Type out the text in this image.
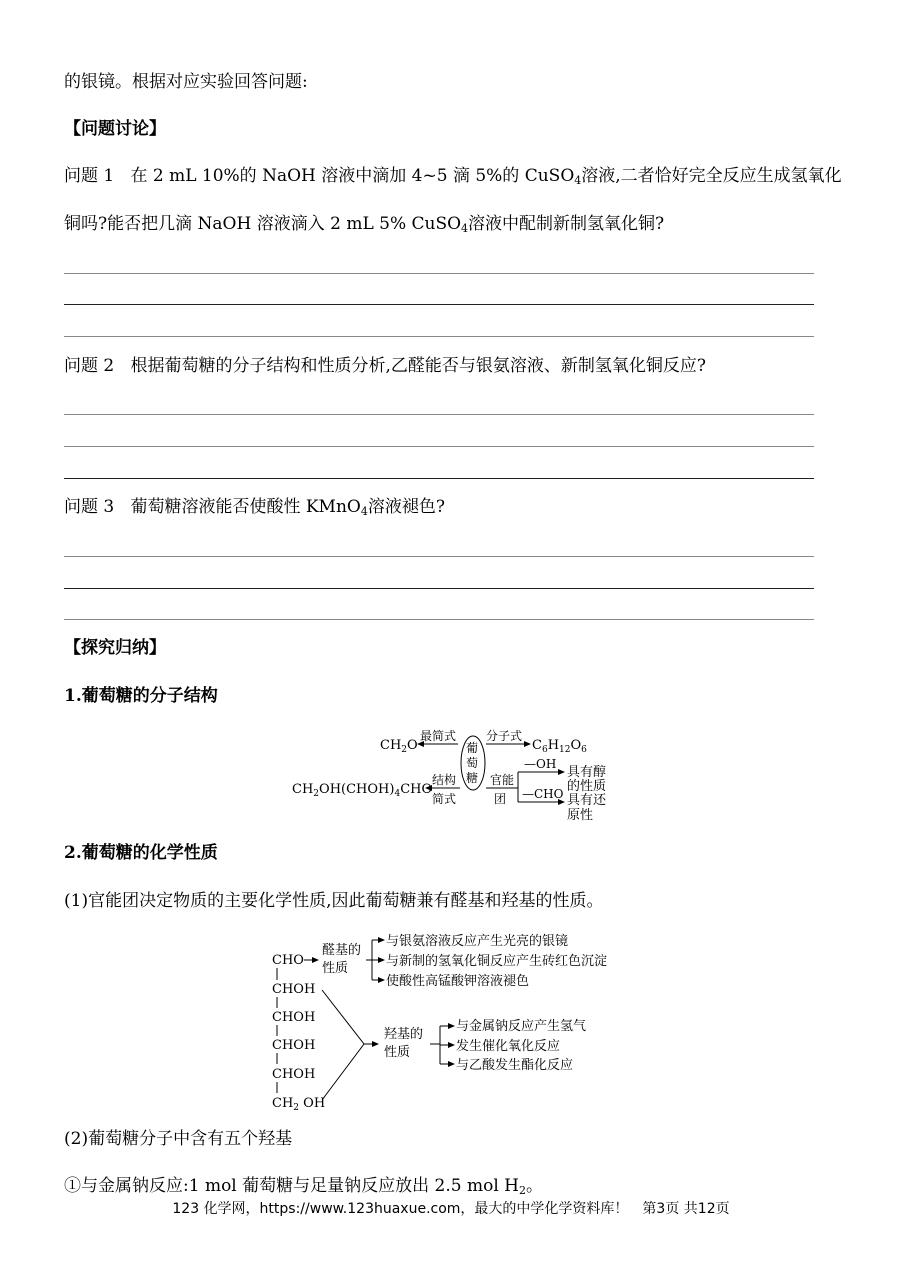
的银镜。根据对应实验回答问题:
【问题讨论】
问题 1 在 2 mL 10%的 NaOH 溶液中滴加 4~5 滴 5%的 CuSO$_4$溶液,二者恰好完全反应生成氢氧化
铜吗?能否把几滴 NaOH 溶液滴入 2 mL 5% CuSO$_4$溶液中配制新制氢氧化铜?
问题 2 根据葡萄糖的分子结构和性质分析,乙醛能否与银氨溶液、新制氢氧化铜反应?
问题 3 葡萄糖溶液能否使酸性 KMnO$_4$溶液褪色?
【探究归纳】
1.葡萄糖的分子结构
$CH_2O$
最简式
葡
萄
糖
分子式
$C_6H_{12}O_6$
$CH_2OH(CHOH)_4CHO$
结构
简式
官能
团
—OH
—CHO
具有醇
的性质
具有还
原性
2.葡萄糖的化学性质
(1)官能团决定物质的主要化学性质,因此葡萄糖兼有醛基和羟基的性质。
CHO
CHOH
CHOH
CHOH
CHOH
$CH_2$ OH
醛基的
性质
与银氨溶液反应产生光亮的银镜
与新制的氢氧化铜反应产生砖红色沉淀
使酸性高锰酸钾溶液褪色
羟基的
性质
与金属钠反应产生氢气
发生催化氧化反应
与乙酸发生酯化反应
(2)葡萄糖分子中含有五个羟基
①与金属钠反应:1 mol 葡萄糖与足量钠反应放出 2.5 mol $H_2$。
123 化学网，https://www.123huaxue.com，最大的中学化学资料库！　第3页 共12页
